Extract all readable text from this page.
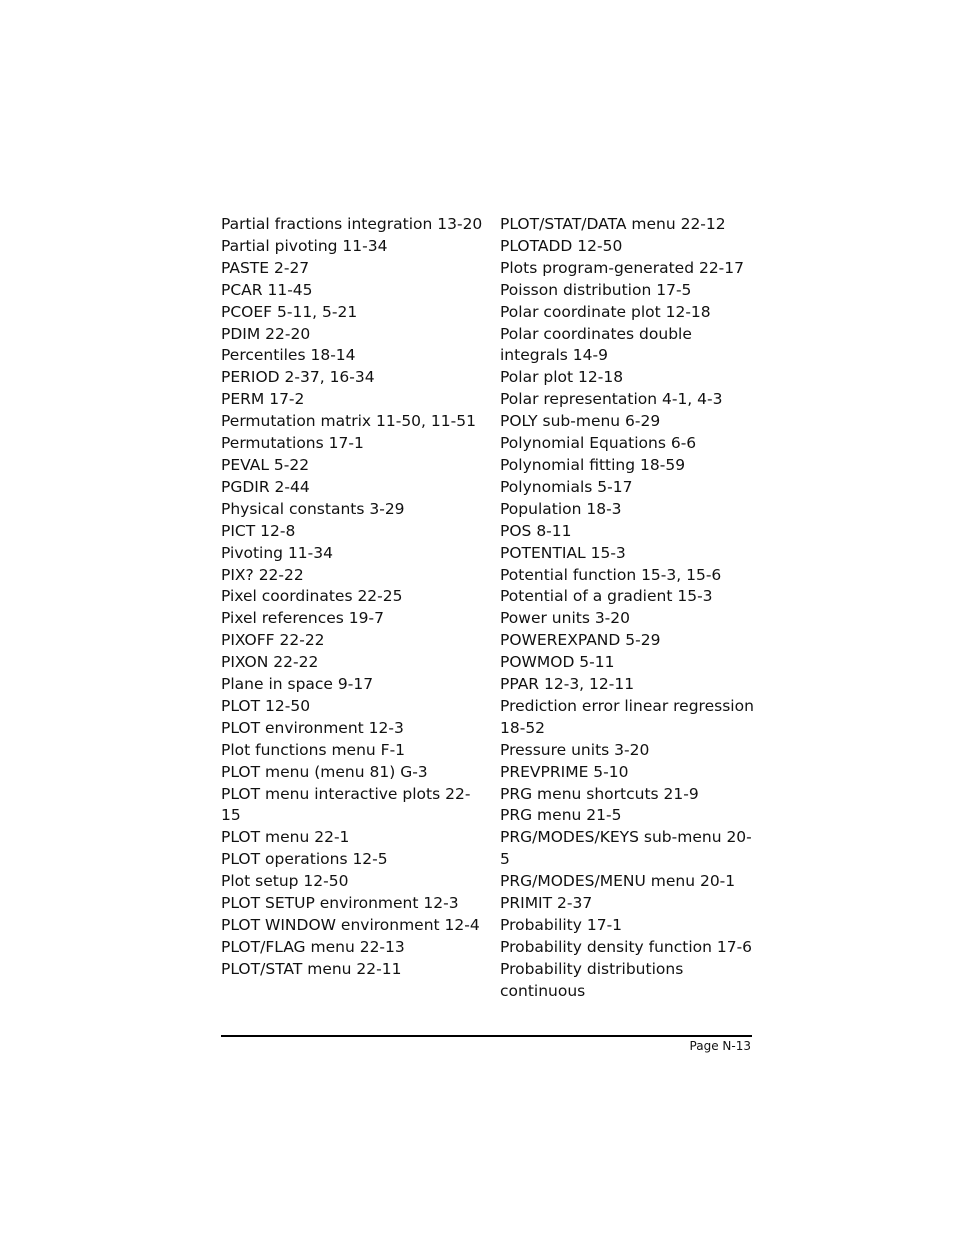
Partial fractions integration 13-20
Partial pivoting 11-34
PASTE 2-27
PCAR 11-45
PCOEF 5-11, 5-21
PDIM 22-20
Percentiles 18-14
PERIOD 2-37, 16-34
PERM 17-2
Permutation matrix 11-50, 11-51
Permutations 17-1
PEVAL 5-22
PGDIR 2-44
Physical constants 3-29
PICT 12-8
Pivoting 11-34
PIX? 22-22
Pixel coordinates 22-25
Pixel references 19-7
PIXOFF 22-22
PIXON 22-22
Plane in space 9-17
PLOT 12-50
PLOT environment 12-3
Plot functions menu F-1
PLOT menu (menu 81) G-3
PLOT menu interactive plots 22-15
PLOT menu 22-1
PLOT operations 12-5
Plot setup 12-50
PLOT SETUP environment 12-3
PLOT WINDOW environment 12-4
PLOT/FLAG menu 22-13
PLOT/STAT menu 22-11
PLOT/STAT/DATA menu 22-12
PLOTADD 12-50
Plots program-generated 22-17
Poisson distribution 17-5
Polar coordinate plot 12-18
Polar coordinates double integrals 14-9
Polar plot 12-18
Polar representation 4-1, 4-3
POLY sub-menu 6-29
Polynomial Equations 6-6
Polynomial fitting 18-59
Polynomials 5-17
Population 18-3
POS 8-11
POTENTIAL 15-3
Potential function 15-3, 15-6
Potential of a gradient 15-3
Power units 3-20
POWEREXPAND 5-29
POWMOD 5-11
PPAR 12-3, 12-11
Prediction error linear regression 18-52
Pressure units 3-20
PREVPRIME 5-10
PRG menu shortcuts 21-9
PRG menu 21-5
PRG/MODES/KEYS sub-menu 20-5
PRG/MODES/MENU menu 20-1
PRIMIT 2-37
Probability 17-1
Probability density function 17-6
Probability distributions continuous
Page N-13
